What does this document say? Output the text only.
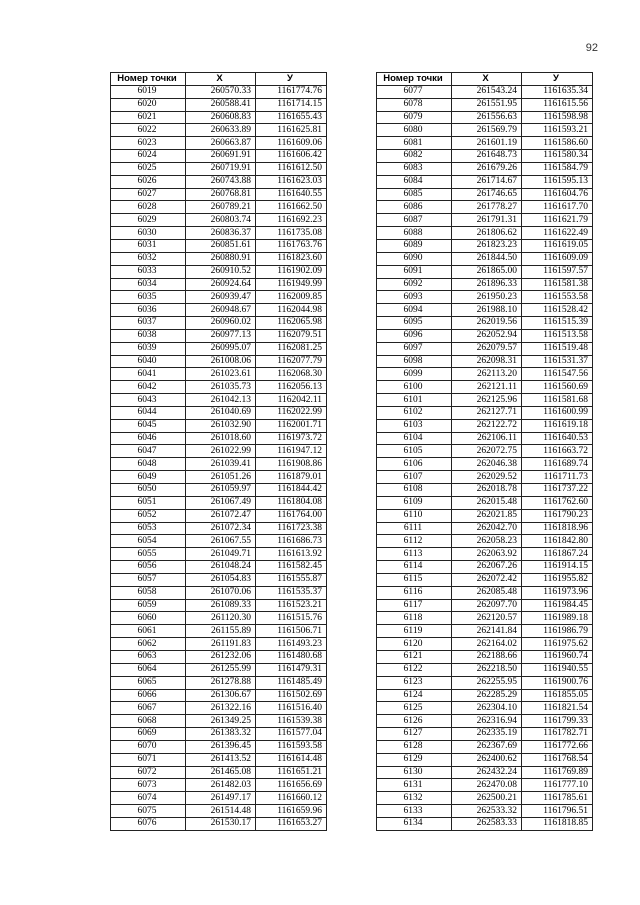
92
Номер точки	X	У
6019	260570.33	1161774.76
6020	260588.41	1161714.15
6021	260608.83	1161655.43
6022	260633.89	1161625.81
6023	260663.87	1161609.06
6024	260691.91	1161606.42
6025	260719.91	1161612.50
6026	260743.88	1161623.03
6027	260768.81	1161640.55
6028	260789.21	1161662.50
6029	260803.74	1161692.23
6030	260836.37	1161735.08
6031	260851.61	1161763.76
6032	260880.91	1161823.60
6033	260910.52	1161902.09
6034	260924.64	1161949.99
6035	260939.47	1162009.85
6036	260948.67	1162044.98
6037	260960.02	1162065.98
6038	260977.13	1162079.51
6039	260995.07	1162081.25
6040	261008.06	1162077.79
6041	261023.61	1162068.30
6042	261035.73	1162056.13
6043	261042.13	1162042.11
6044	261040.69	1162022.99
6045	261032.90	1162001.71
6046	261018.60	1161973.72
6047	261022.99	1161947.12
6048	261039.41	1161908.86
6049	261051.26	1161879.01
6050	261059.97	1161844.42
6051	261067.49	1161804.08
6052	261072.47	1161764.00
6053	261072.34	1161723.38
6054	261067.55	1161686.73
6055	261049.71	1161613.92
6056	261048.24	1161582.45
6057	261054.83	1161555.87
6058	261070.06	1161535.37
6059	261089.33	1161523.21
6060	261120.30	1161515.76
6061	261155.89	1161506.71
6062	261191.83	1161493.23
6063	261232.06	1161480.68
6064	261255.99	1161479.31
6065	261278.88	1161485.49
6066	261306.67	1161502.69
6067	261322.16	1161516.40
6068	261349.25	1161539.38
6069	261383.32	1161577.04
6070	261396.45	1161593.58
6071	261413.52	1161614.48
6072	261465.08	1161651.21
6073	261482.03	1161656.69
6074	261497.17	1161660.12
6075	261514.48	1161659.96
6076	261530.17	1161653.27
Номер точки	X	У
6077	261543.24	1161635.34
6078	261551.95	1161615.56
6079	261556.63	1161598.98
6080	261569.79	1161593.21
6081	261601.19	1161586.60
6082	261648.73	1161580.34
6083	261679.26	1161584.79
6084	261714.67	1161595.13
6085	261746.65	1161604.76
6086	261778.27	1161617.70
6087	261791.31	1161621.79
6088	261806.62	1161622.49
6089	261823.23	1161619.05
6090	261844.50	1161609.09
6091	261865.00	1161597.57
6092	261896.33	1161581.38
6093	261950.23	1161553.58
6094	261988.10	1161528.42
6095	262019.56	1161515.39
6096	262052.94	1161513.58
6097	262079.57	1161519.48
6098	262098.31	1161531.37
6099	262113.20	1161547.56
6100	262121.11	1161560.69
6101	262125.96	1161581.68
6102	262127.71	1161600.99
6103	262122.72	1161619.18
6104	262106.11	1161640.53
6105	262072.75	1161663.72
6106	262046.38	1161689.74
6107	262029.52	1161711.73
6108	262018.78	1161737.22
6109	262015.48	1161762.60
6110	262021.85	1161790.23
6111	262042.70	1161818.96
6112	262058.23	1161842.80
6113	262063.92	1161867.24
6114	262067.26	1161914.15
6115	262072.42	1161955.82
6116	262085.48	1161973.96
6117	262097.70	1161984.45
6118	262120.57	1161989.18
6119	262141.84	1161986.79
6120	262164.02	1161975.62
6121	262188.66	1161960.74
6122	262218.50	1161940.55
6123	262255.95	1161900.76
6124	262285.29	1161855.05
6125	262304.10	1161821.54
6126	262316.94	1161799.33
6127	262335.19	1161782.71
6128	262367.69	1161772.66
6129	262400.62	1161768.54
6130	262432.24	1161769.89
6131	262470.08	1161777.10
6132	262500.21	1161785.61
6133	262533.32	1161796.51
6134	262583.33	1161818.85
